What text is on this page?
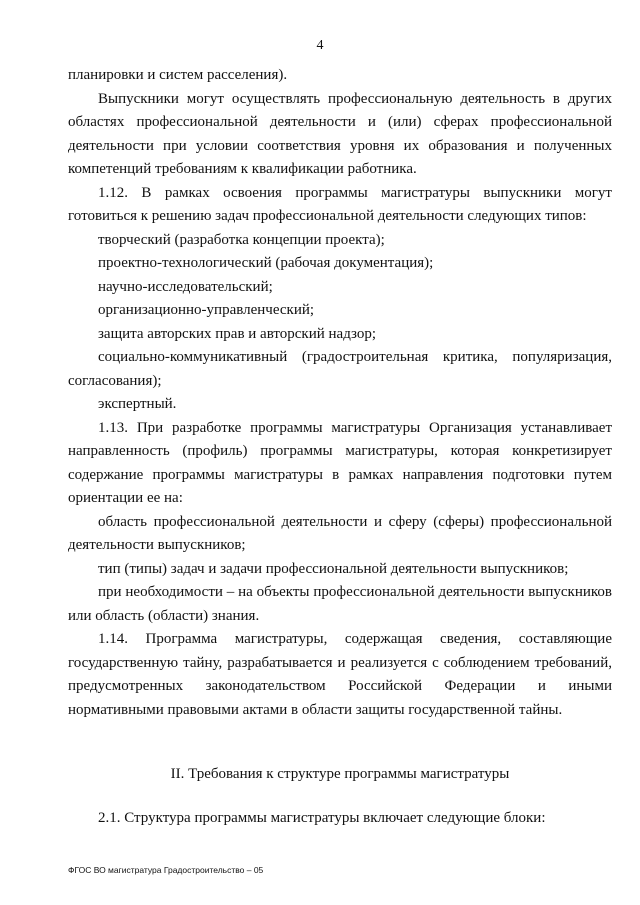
4

планировки и систем расселения).

Выпускники могут осуществлять профессиональную деятельность в других областях профессиональной деятельности и (или) сферах профессиональной деятельности при условии соответствия уровня их образования и полученных компетенций требованиям к квалификации работника.

1.12. В рамках освоения программы магистратуры выпускники могут готовиться к решению задач профессиональной деятельности следующих типов:

творческий (разработка концепции проекта);

проектно-технологический (рабочая документация);

научно-исследовательский;

организационно-управленческий;

защита авторских прав и авторский надзор;

социально-коммуникативный (градостроительная критика, популяризация, согласования);

экспертный.

1.13. При разработке программы магистратуры Организация устанавливает направленность (профиль) программы магистратуры, которая конкретизирует содержание программы магистратуры в рамках направления подготовки путем ориентации ее на:

область профессиональной деятельности и сферу (сферы) профессиональной деятельности выпускников;

тип (типы) задач и задачи профессиональной деятельности выпускников;

при необходимости – на объекты профессиональной деятельности выпускников или область (области) знания.

1.14. Программа магистратуры, содержащая сведения, составляющие государственную тайну, разрабатывается и реализуется с соблюдением требований, предусмотренных законодательством Российской Федерации и иными нормативными правовыми актами в области защиты государственной тайны.

II. Требования к структуре программы магистратуры
2.1. Структура программы магистратуры включает следующие блоки:
ФГОС ВО магистратура Градостроительство – 05
